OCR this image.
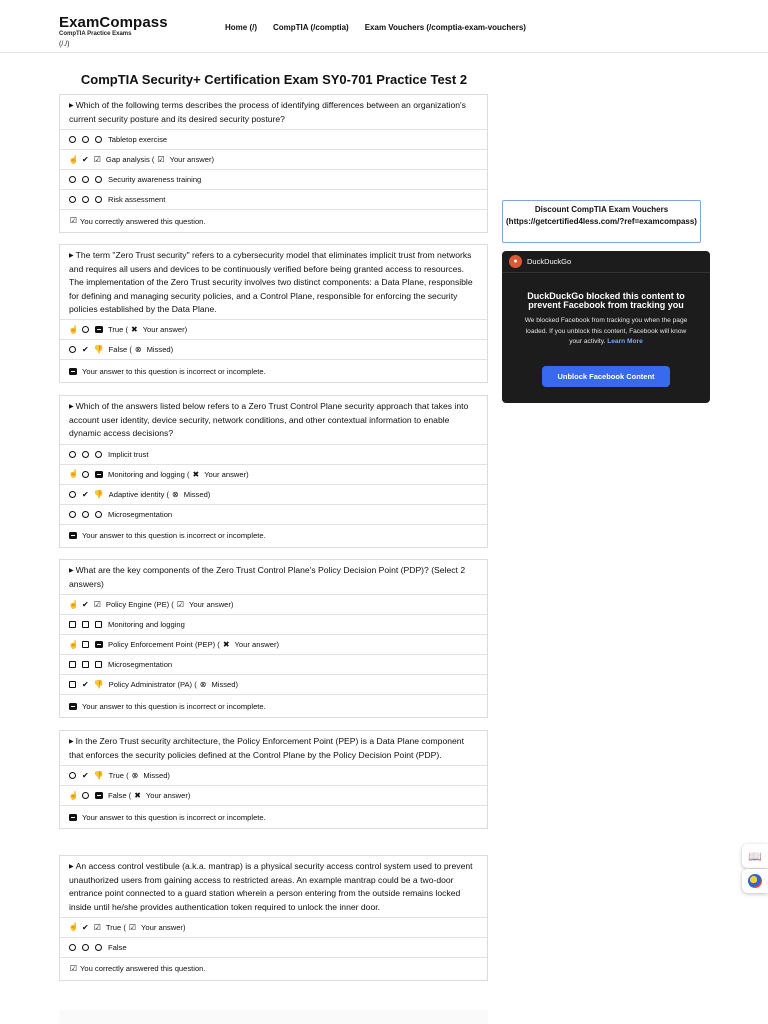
ExamCompass
CompTIA Practice Exams
(/./)
Home (/) CompTIA (/comptia) Exam Vouchers (/comptia-exam-vouchers)
CompTIA Security+ Certification Exam SY0-701 Practice Test 2
▶ Which of the following terms describes the process of identifying differences between an organization's current security posture and its desired security posture?
Tabletop exercise
☝ ✔ ☑ Gap analysis ( ☑ Your answer)
Security awareness training
Risk assessment
☑ You correctly answered this question.
▶ The term "Zero Trust security" refers to a cybersecurity model that eliminates implicit trust from networks and requires all users and devices to be continuously verified before being granted access to resources. The implementation of the Zero Trust security involves two distinct components: a Data Plane, responsible for defining and managing security policies, and a Control Plane, responsible for enforcing the security policies established by the Data Plane.
☝	True ( ✖ Your answer)
✔ 👎 False ( ⊗ Missed)
Your answer to this question is incorrect or incomplete.
▶ Which of the answers listed below refers to a Zero Trust Control Plane security approach that takes into account user identity, device security, network conditions, and other contextual information to enable dynamic access decisions?
Implicit trust
☝	Monitoring and logging ( ✖ Your answer)
✔ 👎 Adaptive identity ( ⊗ Missed)
Microsegmentation
Your answer to this question is incorrect or incomplete.
▶ What are the key components of the Zero Trust Control Plane's Policy Decision Point (PDP)? (Select 2 answers)
☝ ✔ ☑ Policy Engine (PE) ( ☑ Your answer)
Monitoring and logging
☝	Policy Enforcement Point (PEP) ( ✖ Your answer)
Microsegmentation
✔ 👎 Policy Administrator (PA) ( ⊗ Missed)
Your answer to this question is incorrect or incomplete.
▶ In the Zero Trust security architecture, the Policy Enforcement Point (PEP) is a Data Plane component that enforces the security policies defined at the Control Plane by the Policy Decision Point (PDP).
✔ 👎 True ( ⊗ Missed)
☝	False ( ✖ Your answer)
Your answer to this question is incorrect or incomplete.
▶ An access control vestibule (a.k.a. mantrap) is a physical security access control system used to prevent unauthorized users from gaining access to restricted areas. An example mantrap could be a two-door entrance point connected to a guard station wherein a person entering from the outside remains locked inside until he/she provides authentication token required to unlock the inner door.
☝ ✔ ☑ True ( ☑ Your answer)
False
☑ You correctly answered this question.
Discount CompTIA Exam Vouchers (https://getcertified4less.com/?ref=examcompass)
●	DuckDuckGo
DuckDuckGo blocked this content to prevent Facebook from tracking you
We blocked Facebook from tracking you when the page loaded. If you unblock this content, Facebook will know your activity. Learn More
Unblock Facebook Content
📖
